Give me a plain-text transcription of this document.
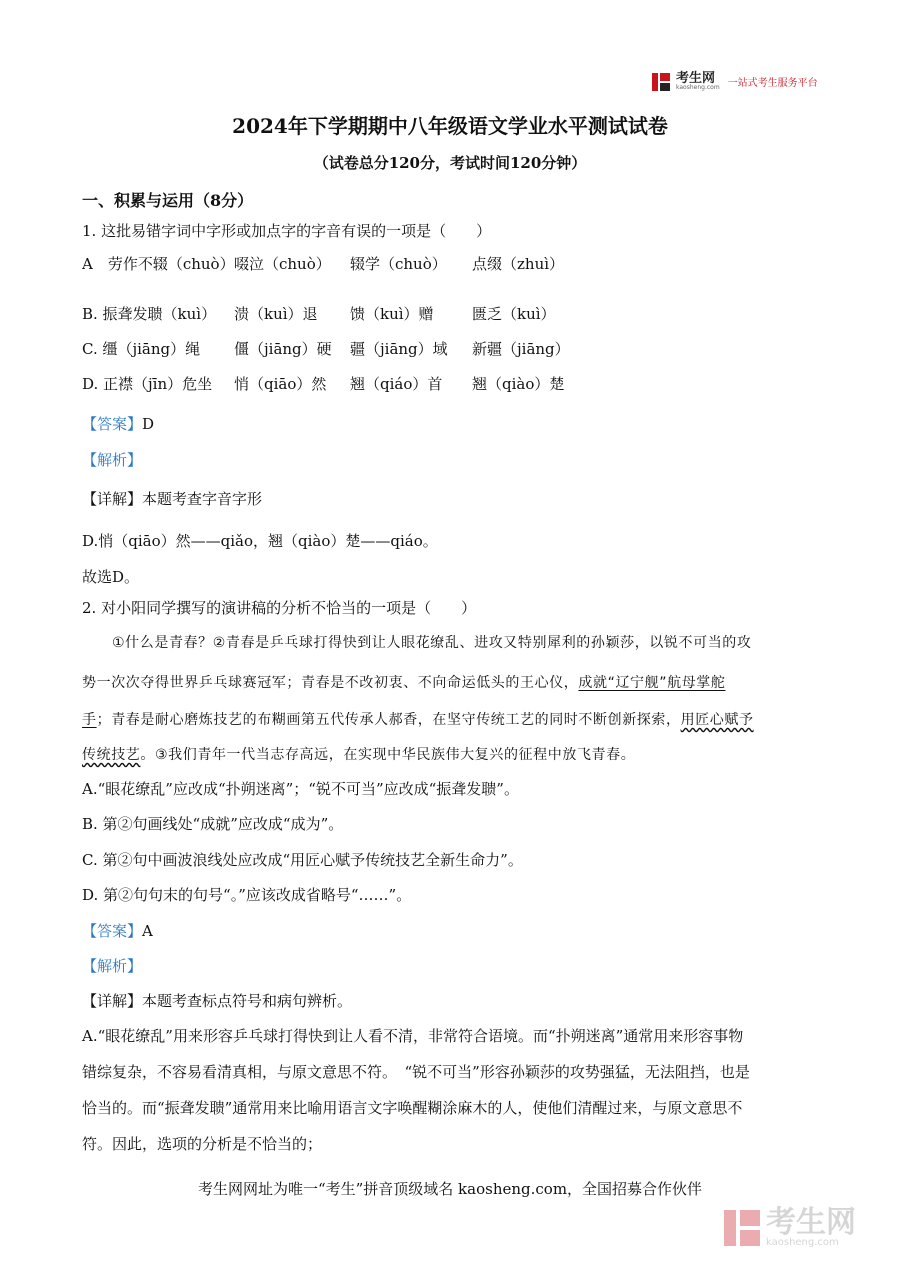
考生网
kaosheng.com 一站式考生服务平台
2024年下学期期中八年级语文学业水平测试试卷
（试卷总分120分，考试时间120分钟）
一、积累与运用（8分）
1. 这批易错字词中字形或加点字的字音有误的一项是（　　）
A　劳作不辍（chuò）啜泣（chuò） 辍学（chuò） 点缀（zhuì）
B. 振聋发聩（kuì） 溃（kuì）退 馈（kuì）赠	匮乏（kuì）
C. 缰（jiāng）绳 僵（jiāng）硬 疆（jiāng）域 新疆（jiāng）
D. 正襟（jīn）危坐 悄（qiāo）然 翘（qiáo）首 翘（qiào）楚
【答案】D
【解析】
【详解】本题考查字音字形
D.悄（qiāo）然——qiǎo，翘（qiào）楚——qiáo。
故选D。
2. 对小阳同学撰写的演讲稿的分析不恰当的一项是（　　）
①什么是青春？②青春是乒乓球打得快到让人眼花缭乱、进攻又特别犀利的孙颖莎，以锐不可当的攻
势一次次夺得世界乒乓球赛冠军；青春是不改初衷、不向命运低头的王心仪，成就“辽宁舰”航母掌舵
手；青春是耐心磨炼技艺的布糊画第五代传承人郝香，在坚守传统工艺的同时不断创新探索，用匠心赋予
传统技艺。③我们青年一代当志存高远，在实现中华民族伟大复兴的征程中放飞青春。
A.“眼花缭乱”应改成“扑朔迷离”；“锐不可当”应改成“振聋发聩”。
B. 第②句画线处“成就”应改成“成为”。
C. 第②句中画波浪线处应改成“用匠心赋予传统技艺全新生命力”。
D. 第②句句末的句号“。”应该改成省略号“……”。
【答案】A
【解析】
【详解】本题考查标点符号和病句辨析。
A.“眼花缭乱”用来形容乒乓球打得快到让人看不清，非常符合语境。而“扑朔迷离”通常用来形容事物
错综复杂，不容易看清真相，与原文意思不符。　“锐不可当”形容孙颖莎的攻势强猛，无法阻挡，也是
恰当的。而“振聋发聩”通常用来比喻用语言文字唤醒糊涂麻木的人，使他们清醒过来，与原文意思不
符。因此，选项的分析是不恰当的；
考生网网址为唯一“考生”拼音顶级域名 kaosheng.com，全国招募合作伙伴
考生网
kaosheng.com
